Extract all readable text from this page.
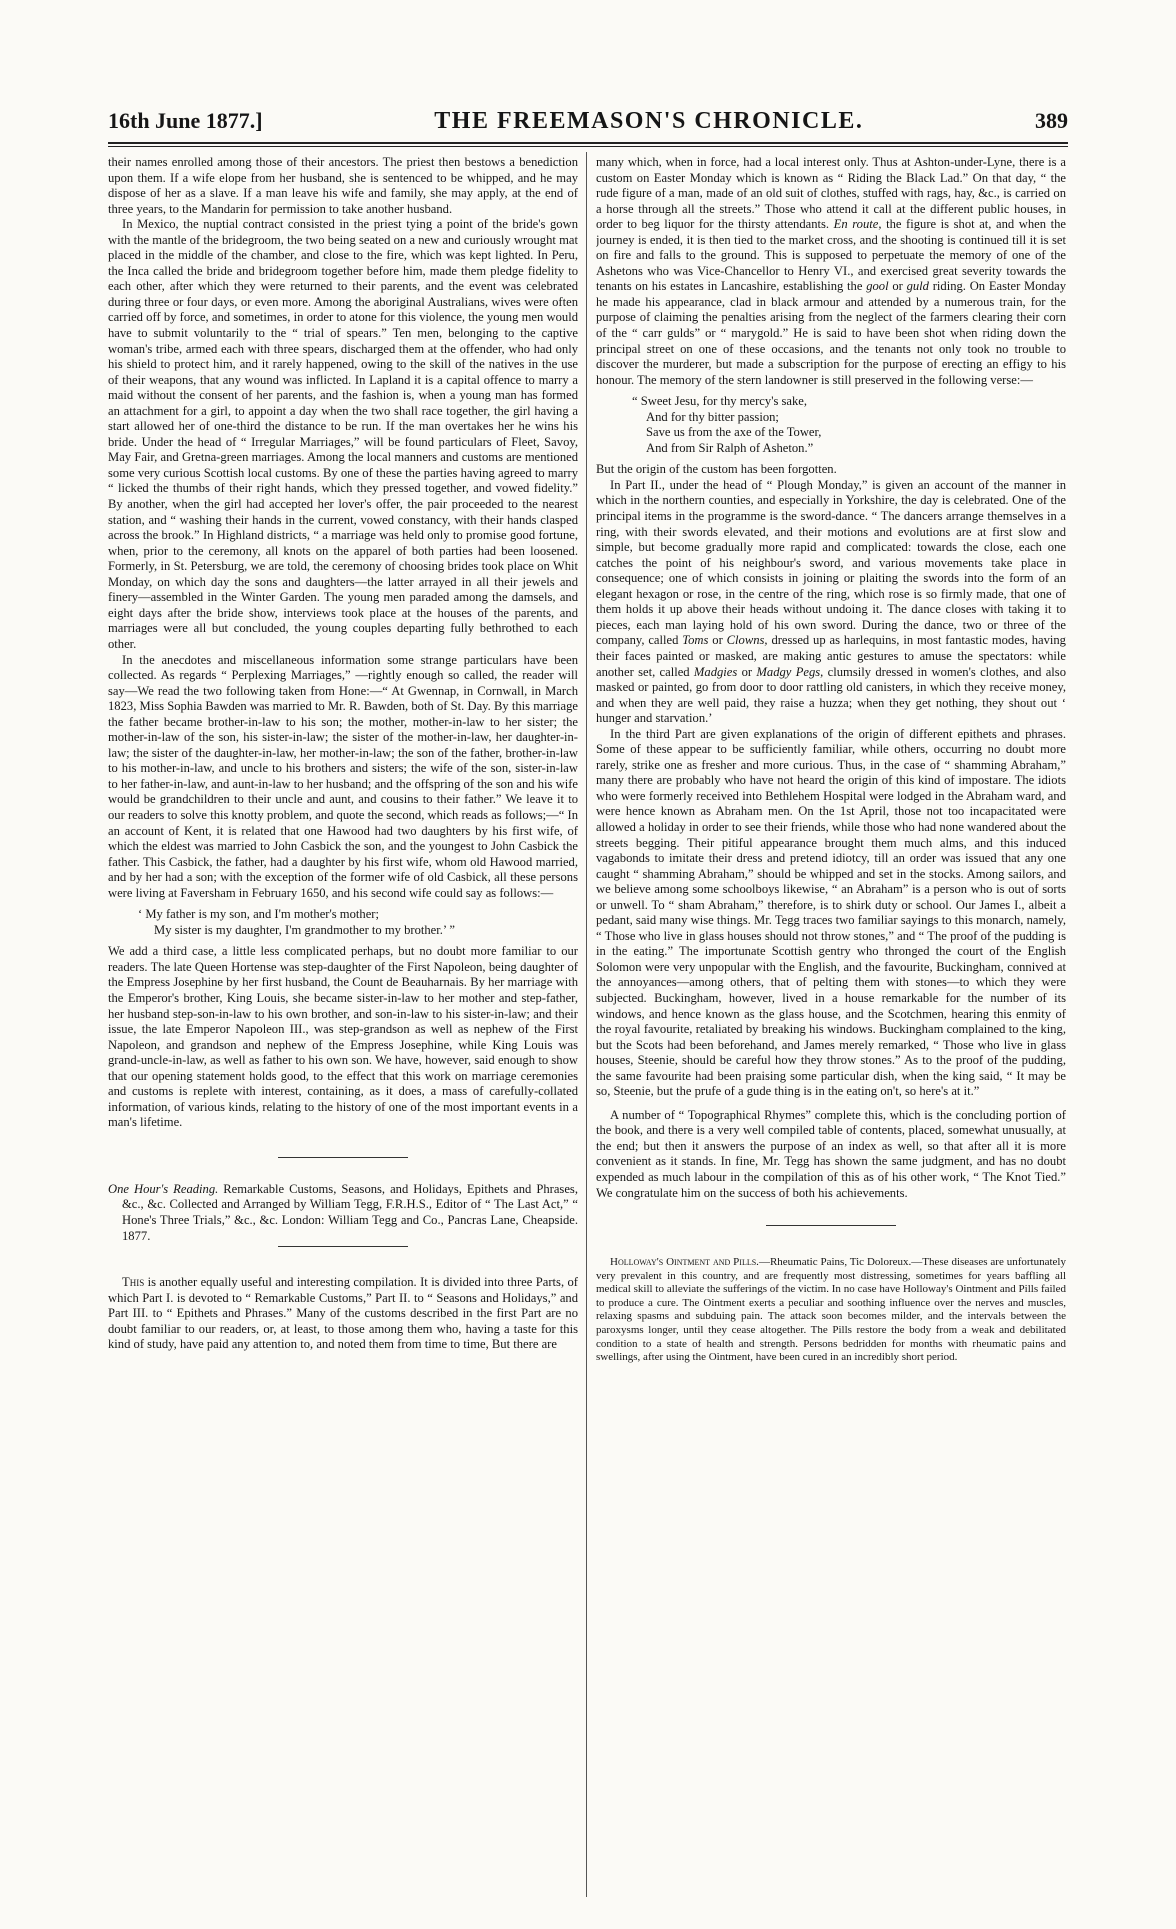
16th June 1877.]	THE FREEMASON'S CHRONICLE.	389

their names enrolled among those of their ancestors. The priest then bestows a benediction upon them. If a wife elope from her husband, she is sentenced to be whipped, and he may dispose of her as a slave. If a man leave his wife and family, she may apply, at the end of three years, to the Mandarin for permission to take another husband.

In Mexico, the nuptial contract consisted in the priest tying a point of the bride's gown with the mantle of the bridegroom, the two being seated on a new and curiously wrought mat placed in the middle of the chamber, and close to the fire, which was kept lighted. In Peru, the Inca called the bride and bridegroom together before him, made them pledge fidelity to each other, after which they were returned to their parents, and the event was celebrated during three or four days, or even more. Among the aboriginal Australians, wives were often carried off by force, and sometimes, in order to atone for this violence, the young men would have to submit voluntarily to the “ trial of spears.” Ten men, belonging to the captive woman's tribe, armed each with three spears, discharged them at the offender, who had only his shield to protect him, and it rarely happened, owing to the skill of the natives in the use of their weapons, that any wound was inflicted. In Lapland it is a capital offence to marry a maid without the consent of her parents, and the fashion is, when a young man has formed an attachment for a girl, to appoint a day when the two shall race together, the girl having a start allowed her of one-third the distance to be run. If the man overtakes her he wins his bride. Under the head of “ Irregular Marriages,” will be found particulars of Fleet, Savoy, May Fair, and Gretna-green marriages. Among the local manners and customs are mentioned some very curious Scottish local customs. By one of these the parties having agreed to marry “ licked the thumbs of their right hands, which they pressed together, and vowed fidelity.” By another, when the girl had accepted her lover's offer, the pair proceeded to the nearest station, and “ washing their hands in the current, vowed constancy, with their hands clasped across the brook.” In Highland districts, “ a marriage was held only to promise good fortune, when, prior to the ceremony, all knots on the apparel of both parties had been loosened. Formerly, in St. Petersburg, we are told, the ceremony of choosing brides took place on Whit Monday, on which day the sons and daughters—the latter arrayed in all their jewels and finery—assembled in the Winter Garden. The young men paraded among the damsels, and eight days after the bride show, interviews took place at the houses of the parents, and marriages were all but concluded, the young couples departing fully bethrothed to each other.

In the anecdotes and miscellaneous information some strange particulars have been collected. As regards “ Perplexing Marriages,” —rightly enough so called, the reader will say—We read the two following taken from Hone:—“ At Gwennap, in Cornwall, in March 1823, Miss Sophia Bawden was married to Mr. R. Bawden, both of St. Day. By this marriage the father became brother-in-law to his son; the mother, mother-in-law to her sister; the mother-in-law of the son, his sister-in-law; the sister of the mother-in-law, her daughter-in-law; the sister of the daughter-in-law, her mother-in-law; the son of the father, brother-in-law to his mother-in-law, and uncle to his brothers and sisters; the wife of the son, sister-in-law to her father-in-law, and aunt-in-law to her husband; and the offspring of the son and his wife would be grandchildren to their uncle and aunt, and cousins to their father.” We leave it to our readers to solve this knotty problem, and quote the second, which reads as follows;—“ In an account of Kent, it is related that one Hawood had two daughters by his first wife, of which the eldest was married to John Casbick the son, and the youngest to John Casbick the father. This Casbick, the father, had a daughter by his first wife, whom old Hawood married, and by her had a son; with the exception of the former wife of old Casbick, all these persons were living at Faversham in February 1650, and his second wife could say as follows:—

‘ My father is my son, and I'm mother's mother;
My sister is my daughter, I'm grandmother to my brother.’ ”

We add a third case, a little less complicated perhaps, but no doubt more familiar to our readers. The late Queen Hortense was step-daughter of the First Napoleon, being daughter of the Empress Josephine by her first husband, the Count de Beauharnais. By her marriage with the Emperor's brother, King Louis, she became sister-in-law to her mother and step-father, her husband step-son-in-law to his own brother, and son-in-law to his sister-in-law; and their issue, the late Emperor Napoleon III., was step-grandson as well as nephew of the First Napoleon, and grandson and nephew of the Empress Josephine, while King Louis was grand-uncle-in-law, as well as father to his own son. We have, however, said enough to show that our opening statement holds good, to the effect that this work on marriage ceremonies and customs is replete with interest, containing, as it does, a mass of carefully-collated information, of various kinds, relating to the history of one of the most important events in a man's lifetime.

One Hour's Reading. Remarkable Customs, Seasons, and Holidays, Epithets and Phrases, &c., &c. Collected and Arranged by William Tegg, F.R.H.S., Editor of “ The Last Act,” “ Hone's Three Trials,” &c., &c. London: William Tegg and Co., Pancras Lane, Cheapside. 1877.

This is another equally useful and interesting compilation. It is divided into three Parts, of which Part I. is devoted to “ Remarkable Customs,” Part II. to “ Seasons and Holidays,” and Part III. to “ Epithets and Phrases.” Many of the customs described in the first Part are no doubt familiar to our readers, or, at least, to those among them who, having a taste for this kind of study, have paid any attention to, and noted them from time to time, But there are

many which, when in force, had a local interest only. Thus at Ashton-under-Lyne, there is a custom on Easter Monday which is known as “ Riding the Black Lad.” On that day, “ the rude figure of a man, made of an old suit of clothes, stuffed with rags, hay, &c., is carried on a horse through all the streets.” Those who attend it call at the different public houses, in order to beg liquor for the thirsty attendants. En route, the figure is shot at, and when the journey is ended, it is then tied to the market cross, and the shooting is continued till it is set on fire and falls to the ground. This is supposed to perpetuate the memory of one of the Ashetons who was Vice-Chancellor to Henry VI., and exercised great severity towards the tenants on his estates in Lancashire, establishing the gool or guld riding. On Easter Monday he made his appearance, clad in black armour and attended by a numerous train, for the purpose of claiming the penalties arising from the neglect of the farmers clearing their corn of the “ carr gulds” or “ marygold.” He is said to have been shot when riding down the principal street on one of these occasions, and the tenants not only took no trouble to discover the murderer, but made a subscription for the purpose of erecting an effigy to his honour. The memory of the stern landowner is still preserved in the following verse:—

“ Sweet Jesu, for thy mercy's sake,
And for thy bitter passion;
Save us from the axe of the Tower,
And from Sir Ralph of Asheton.”

But the origin of the custom has been forgotten.

In Part II., under the head of “ Plough Monday,” is given an account of the manner in which in the northern counties, and especially in Yorkshire, the day is celebrated. One of the principal items in the programme is the sword-dance. “ The dancers arrange themselves in a ring, with their swords elevated, and their motions and evolutions are at first slow and simple, but become gradually more rapid and complicated: towards the close, each one catches the point of his neighbour's sword, and various movements take place in consequence; one of which consists in joining or plaiting the swords into the form of an elegant hexagon or rose, in the centre of the ring, which rose is so firmly made, that one of them holds it up above their heads without undoing it. The dance closes with taking it to pieces, each man laying hold of his own sword. During the dance, two or three of the company, called Toms or Clowns, dressed up as harlequins, in most fantastic modes, having their faces painted or masked, are making antic gestures to amuse the spectators: while another set, called Madgies or Madgy Pegs, clumsily dressed in women's clothes, and also masked or painted, go from door to door rattling old canisters, in which they receive money, and when they are well paid, they raise a huzza; when they get nothing, they shout out ‘ hunger and starvation.’

In the third Part are given explanations of the origin of different epithets and phrases. Some of these appear to be sufficiently familiar, while others, occurring no doubt more rarely, strike one as fresher and more curious. Thus, in the case of “ shamming Abraham,” many there are probably who have not heard the origin of this kind of impostare. The idiots who were formerly received into Bethlehem Hospital were lodged in the Abraham ward, and were hence known as Abraham men. On the 1st April, those not too incapacitated were allowed a holiday in order to see their friends, while those who had none wandered about the streets begging. Their pitiful appearance brought them much alms, and this induced vagabonds to imitate their dress and pretend idiotcy, till an order was issued that any one caught “ shamming Abraham,” should be whipped and set in the stocks. Among sailors, and we believe among some schoolboys likewise, “ an Abraham” is a person who is out of sorts or unwell. To “ sham Abraham,” therefore, is to shirk duty or school. Our James I., albeit a pedant, said many wise things. Mr. Tegg traces two familiar sayings to this monarch, namely, “ Those who live in glass houses should not throw stones,” and “ The proof of the pudding is in the eating.” The importunate Scottish gentry who thronged the court of the English Solomon were very unpopular with the English, and the favourite, Buckingham, connived at the annoyances—among others, that of pelting them with stones—to which they were subjected. Buckingham, however, lived in a house remarkable for the number of its windows, and hence known as the glass house, and the Scotchmen, hearing this enmity of the royal favourite, retaliated by breaking his windows. Buckingham complained to the king, but the Scots had been beforehand, and James merely remarked, “ Those who live in glass houses, Steenie, should be careful how they throw stones.” As to the proof of the pudding, the same favourite had been praising some particular dish, when the king said, “ It may be so, Steenie, but the prufe of a gude thing is in the eating on't, so here's at it.”

A number of “ Topographical Rhymes” complete this, which is the concluding portion of the book, and there is a very well compiled table of contents, placed, somewhat unusually, at the end; but then it answers the purpose of an index as well, so that after all it is more convenient as it stands. In fine, Mr. Tegg has shown the same judgment, and has no doubt expended as much labour in the compilation of this as of his other work, “ The Knot Tied.” We congratulate him on the success of both his achievements.

Holloway's Ointment and Pills.—Rheumatic Pains, Tic Doloreux.—These diseases are unfortunately very prevalent in this country, and are frequently most distressing, sometimes for years baffling all medical skill to alleviate the sufferings of the victim. In no case have Holloway's Ointment and Pills failed to produce a cure. The Ointment exerts a peculiar and soothing influence over the nerves and muscles, relaxing spasms and subduing pain. The attack soon becomes milder, and the intervals between the paroxysms longer, until they cease altogether. The Pills restore the body from a weak and debilitated condition to a state of health and strength. Persons bedridden for months with rheumatic pains and swellings, after using the Ointment, have been cured in an incredibly short period.
